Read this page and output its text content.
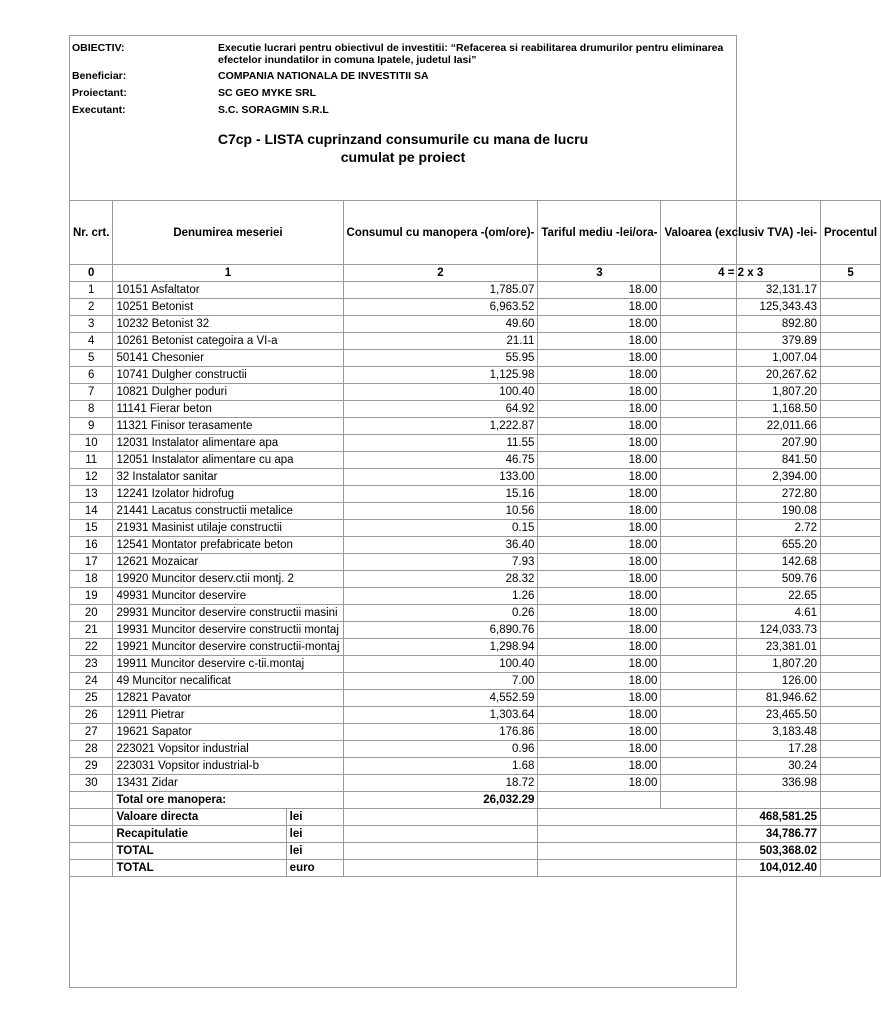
OBIECTIV:	Executie lucrari pentru obiectivul de investitii: “Refacerea si reabilitarea drumurilor pentru eliminarea efectelor inundatilor in comuna Ipatele, judetul Iasi”
Beneficiar:	COMPANIA NATIONALA DE INVESTITII SA
Proiectant:	SC GEO MYKE SRL
Executant:	S.C. SORAGMIN S.R.L
C7cp - LISTA cuprinzand consumurile cu mana de lucru
cumulat pe proiect
Nr. crt.	Denumirea meseriei		Consumul cu manopera -(om/ore)-	Tariful mediu -lei/ora-	Valoarea (exclusiv TVA) -lei-	Procentul
0	1		2	3	4 = 2 x 3	5
1	10151 Asfaltator		1,785.07	18.00	32,131.17	
2	10251 Betonist		6,963.52	18.00	125,343.43	
3	10232 Betonist 32		49.60	18.00	892.80	
4	10261 Betonist categoira a VI-a		21.11	18.00	379.89	
5	50141 Chesonier		55.95	18.00	1,007.04	
6	10741 Dulgher constructii		1,125.98	18.00	20,267.62	
7	10821 Dulgher poduri		100.40	18.00	1,807.20	
8	11141 Fierar beton		64.92	18.00	1,168.50	
9	11321 Finisor terasamente		1,222.87	18.00	22,011.66	
10	12031 Instalator alimentare apa		11.55	18.00	207.90	
11	12051 Instalator alimentare cu apa		46.75	18.00	841.50	
12	32 Instalator sanitar		133.00	18.00	2,394.00	
13	12241 Izolator hidrofug		15.16	18.00	272.80	
14	21441 Lacatus constructii metalice		10.56	18.00	190.08	
15	21931 Masinist utilaje constructii		0.15	18.00	2.72	
16	12541 Montator prefabricate beton		36.40	18.00	655.20	
17	12621 Mozaicar		7.93	18.00	142.68	
18	19920 Muncitor deserv.ctii montj. 2		28.32	18.00	509.76	
19	49931 Muncitor deservire		1.26	18.00	22.65	
20	29931 Muncitor deservire constructii masini		0.26	18.00	4.61	
21	19931 Muncitor deservire constructii montaj		6,890.76	18.00	124,033.73	
22	19921 Muncitor deservire constructii-montaj		1,298.94	18.00	23,381.01	
23	19911 Muncitor deservire c-tii.montaj		100.40	18.00	1,807.20	
24	49 Muncitor necalificat		7.00	18.00	126.00	
25	12821 Pavator		4,552.59	18.00	81,946.62	
26	12911 Pietrar		1,303.64	18.00	23,465.50	
27	19621 Sapator		176.86	18.00	3,183.48	
28	223021 Vopsitor industrial		0.96	18.00	17.28	
29	223031 Vopsitor industrial-b		1.68	18.00	30.24	
30	13431 Zidar		18.72	18.00	336.98	
	Total ore manopera:		26,032.29			
	Valoare directa	lei		468,581.25		
	Recapitulatie	lei		34,786.77		
	TOTAL	lei		503,368.02		
	TOTAL	euro		104,012.40		
